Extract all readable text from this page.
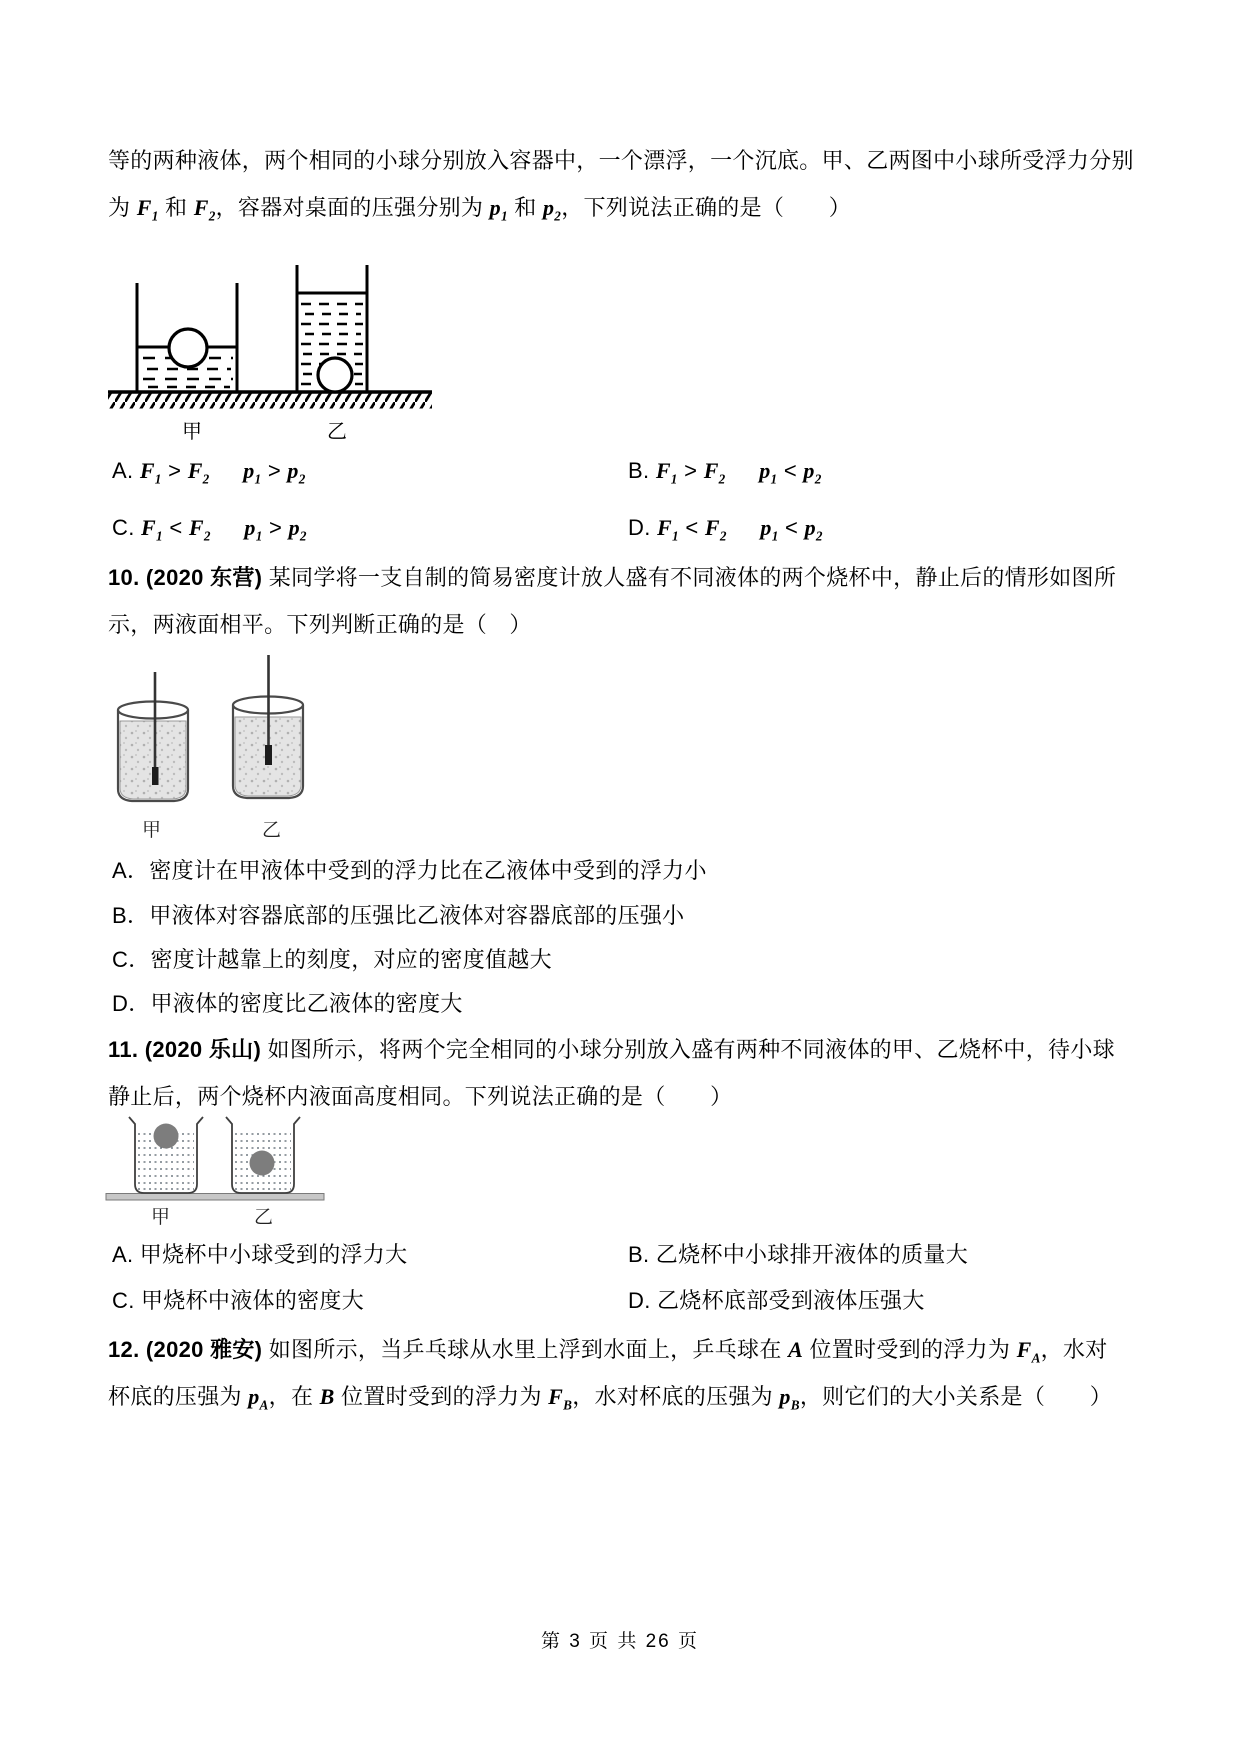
等的两种液体，两个相同的小球分别放入容器中，一个漂浮，一个沉底。甲、乙两图中小球所受浮力分别
为 $F_1$ 和 $F_2$，容器对桌面的压强分别为 $p_1$ 和 $p_2$，下列说法正确的是（　　）
甲	乙
A. $F_1 > F_2$   $p_1 > p_2$	B. $F_1 > F_2$   $p_1 < p_2$
C. $F_1 < F_2$   $p_1 > p_2$	D. $F_1 < F_2$   $p_1 < p_2$
10. (2020 东营) 某同学将一支自制的简易密度计放人盛有不同液体的两个烧杯中，静止后的情形如图所
示，两液面相平。下列判断正确的是（　）
甲	乙
A．密度计在甲液体中受到的浮力比在乙液体中受到的浮力小
B．甲液体对容器底部的压强比乙液体对容器底部的压强小
C．密度计越靠上的刻度，对应的密度值越大
D．甲液体的密度比乙液体的密度大
11. (2020 乐山) 如图所示，将两个完全相同的小球分别放入盛有两种不同液体的甲、乙烧杯中，待小球
静止后，两个烧杯内液面高度相同。下列说法正确的是（　　）
甲	乙
A. 甲烧杯中小球受到的浮力大	B. 乙烧杯中小球排开液体的质量大
C. 甲烧杯中液体的密度大	D. 乙烧杯底部受到液体压强大
12. (2020 雅安) 如图所示，当乒乓球从水里上浮到水面上，乒乓球在 A 位置时受到的浮力为 $F_A$，水对
杯底的压强为 $p_A$，在 B 位置时受到的浮力为 $F_B$，水对杯底的压强为 $p_B$，则它们的大小关系是（　　）
第 3 页 共 26 页
